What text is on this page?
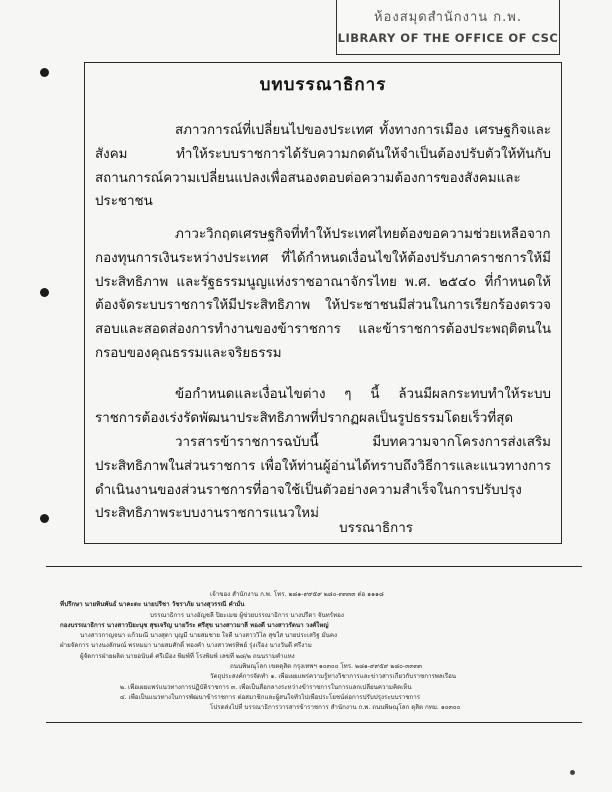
ห้องสมุดสำนักงาน ก.พ.
LIBRARY OF THE OFFICE OF CSC
บทบรรณาธิการ

สภาวการณ์ที่เปลี่ยนไปของประเทศ ทั้งทางการเมือง เศรษฐกิจและสังคม ทำให้ระบบราชการได้รับความกดดันให้จำเป็นต้องปรับตัวให้ทันกับสถานการณ์ความเปลี่ยนแปลงเพื่อสนองตอบต่อความต้องการของสังคมและประชาชน

ภาวะวิกฤตเศรษฐกิจที่ทำให้ประเทศไทยต้องขอความช่วยเหลือจากกองทุนการเงินระหว่างประเทศ ที่ได้กำหนดเงื่อนไขให้ต้องปรับภาคราชการให้มีประสิทธิภาพ และรัฐธรรมนูญแห่งราชอาณาจักรไทย พ.ศ. ๒๕๔๐ ที่กำหนดให้ต้องจัดระบบราชการให้มีประสิทธิภาพ ให้ประชาชนมีส่วนในการเรียกร้องตรวจสอบและสอดส่องการทำงานของข้าราชการ และข้าราชการต้องประพฤติตนในกรอบของคุณธรรมและจริยธรรม

ข้อกำหนดและเงื่อนไขต่าง ๆ นี้ ล้วนมีผลกระทบทำให้ระบบราชการต้องเร่งรัดพัฒนาประสิทธิภาพที่ปรากฏผลเป็นรูปธรรมโดยเร็วที่สุด

วารสารข้าราชการฉบับนี้ มีบทความจากโครงการส่งเสริมประสิทธิภาพในส่วนราชการ เพื่อให้ท่านผู้อ่านได้ทราบถึงวิธีการและแนวทางการดำเนินงานของส่วนราชการที่อาจใช้เป็นตัวอย่างความสำเร็จในการปรับปรุงประสิทธิภาพระบบงานราชการแนวใหม่

บรรณาธิการ
เจ้าของ สำนักงาน ก.พ. โทร. ๒๘๑-๙๙๕๙ ๒๘๐-๓๓๓๓ ต่อ ๑๑๑๘
ที่ปรึกษา นายทินพันธ์ นาคะตะ นายปรีชา วัชราภัย นางสุวรรณี คำมั่น
บรรณาธิการ นางอัญชลี ปิยะเมฆ ผู้ช่วยบรรณาธิการ นางปรีดา จันทร์ทอง
กองบรรณาธิการ นางสาวปิยะนุช สุขเจริญ นายวีระ ศรีสุข นางสาวมาลี ทองดี นางสาวรัตนา วงศ์ใหญ่
นางสาวกาญจนา แก้วมณี นางสุดา บุญมี นายสมชาย ใจดี นางสาววิไล สุขใส นายประเสริฐ มั่นคง
ฝ่ายจัดการ นางนงลักษณ์ พรหมมา นายสมศักดิ์ ทองคำ นางสาวพรทิพย์ รุ่งเรือง นางวันดี ศรีงาม
ผู้จัดการฝ่ายผลิต นายอนันต์ ศรีเมือง พิมพ์ที่ โรงพิมพ์ เลขที่ ๒๘/๒ ถนนรามคำแหง
ถนนพิษณุโลก เขตดุสิต กรุงเทพฯ ๑๐๓๐๐ โทร. ๒๘๑-๙๙๕๙ ๒๘๐-๓๓๓๓
วัตถุประสงค์การจัดทำ ๑. เพื่อเผยแพร่ความรู้ทางวิชาการและข่าวสารเกี่ยวกับราชการพลเรือน
๒. เพื่อเผยแพร่แนวทางการปฏิบัติราชการ ๓. เพื่อเป็นสื่อกลางระหว่างข้าราชการในการแลกเปลี่ยนความคิดเห็น
๔. เพื่อเป็นแนวทางในการพัฒนาข้าราชการ ต่อสมาชิกและผู้สนใจทั่วไปเพื่อประโยชน์ต่อการปรับปรุงระบบราชการ
โปรดส่งไปที่ บรรณาธิการวารสารข้าราชการ สำนักงาน ก.พ. ถนนพิษณุโลก ดุสิต กทม. ๑๐๓๐๐
